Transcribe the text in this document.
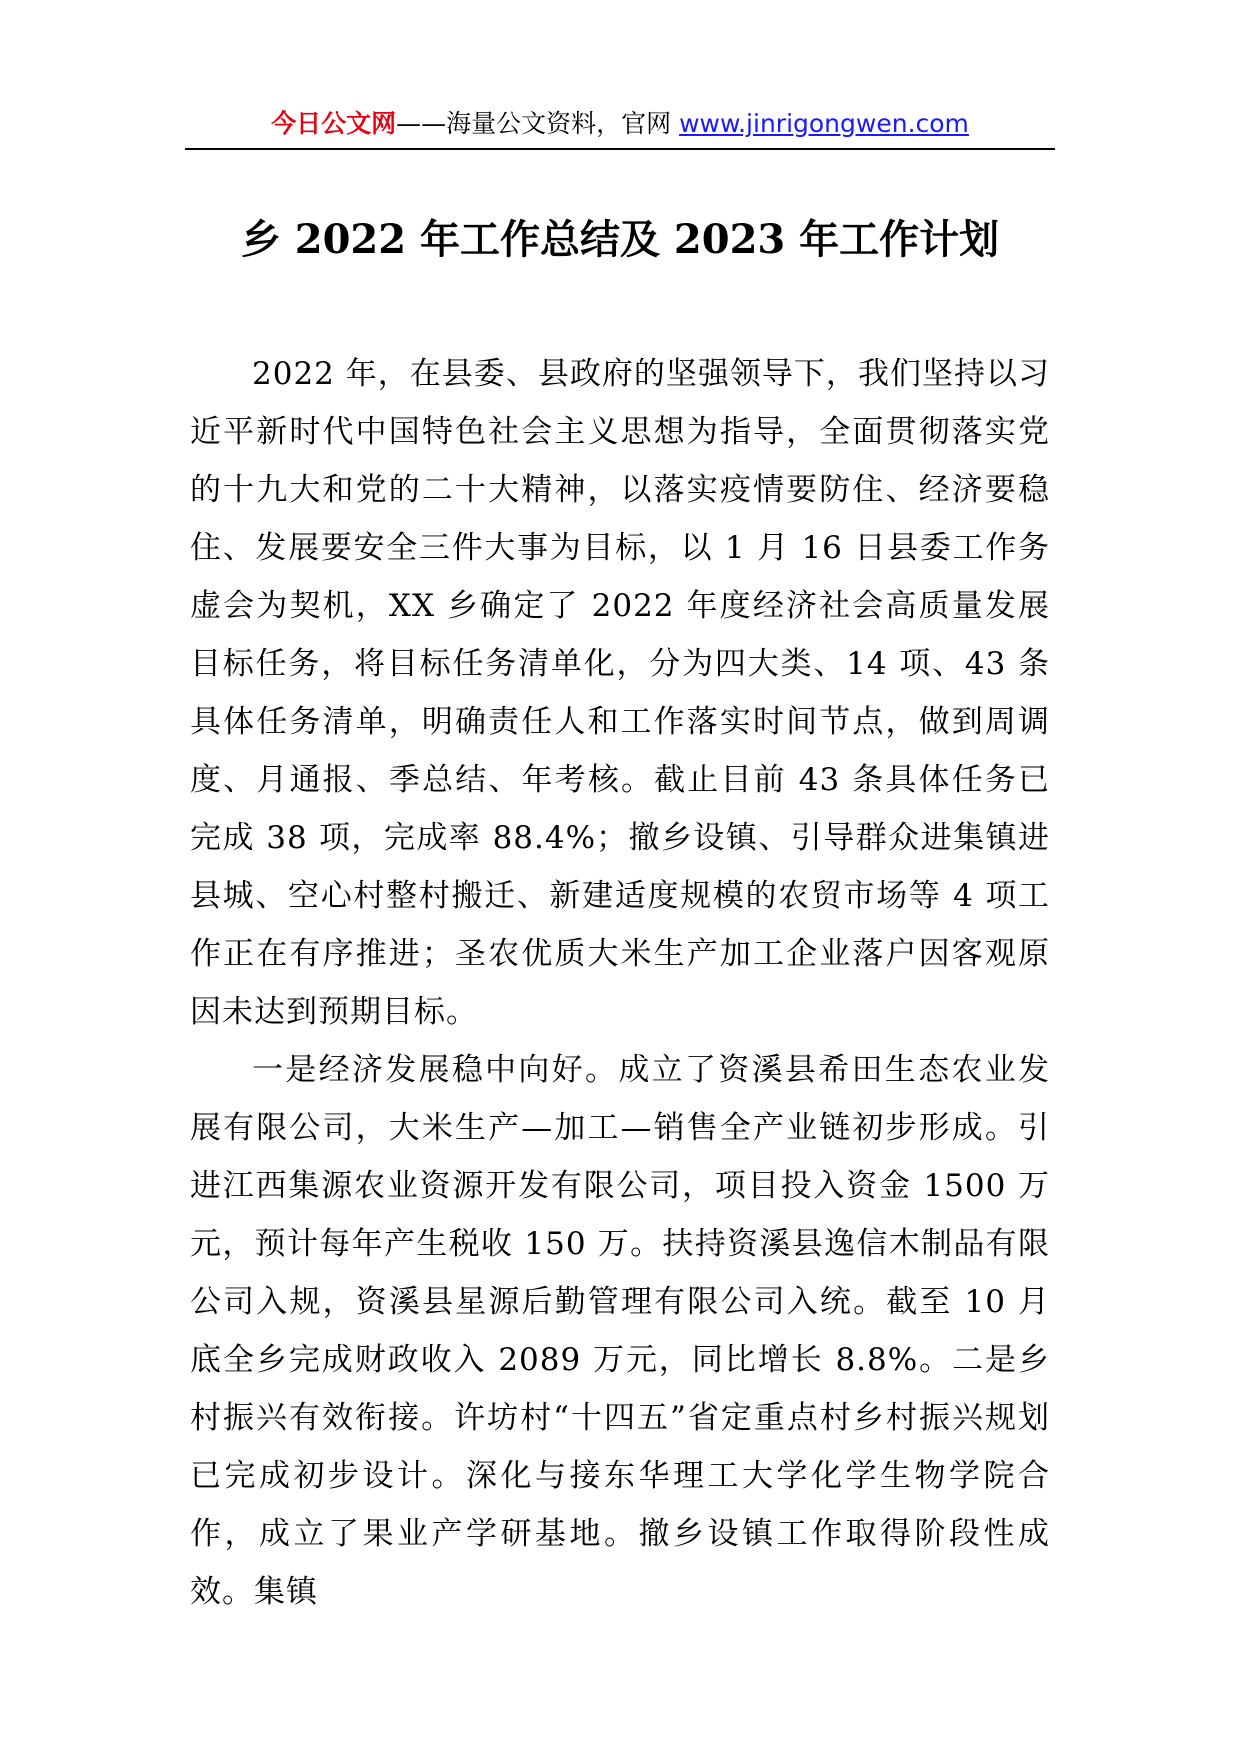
今日公文网——海量公文资料，官网 www.jinrigongwen.com
乡 2022 年工作总结及 2023 年工作计划

2022 年，在县委、县政府的坚强领导下，我们坚持以习近平新时代中国特色社会主义思想为指导，全面贯彻落实党的十九大和党的二十大精神，以落实疫情要防住、经济要稳住、发展要安全三件大事为目标，以 1 月 16 日县委工作务虚会为契机，XX 乡确定了 2022 年度经济社会高质量发展目标任务，将目标任务清单化，分为四大类、14 项、43 条具体任务清单，明确责任人和工作落实时间节点，做到周调度、月通报、季总结、年考核。截止目前 43 条具体任务已完成 38 项，完成率 88.4%；撤乡设镇、引导群众进集镇进县城、空心村整村搬迁、新建适度规模的农贸市场等 4 项工作正在有序推进；圣农优质大米生产加工企业落户因客观原因未达到预期目标。

一是经济发展稳中向好。成立了资溪县希田生态农业发展有限公司，大米生产—加工—销售全产业链初步形成。引进江西集源农业资源开发有限公司，项目投入资金 1500 万元，预计每年产生税收 150 万。扶持资溪县逸信木制品有限公司入规，资溪县星源后勤管理有限公司入统。截至 10 月底全乡完成财政收入 2089 万元，同比增长 8.8%。二是乡村振兴有效衔接。许坊村“十四五”省定重点村乡村振兴规划已完成初步设计。深化与接东华理工大学化学生物学院合作，成立了果业产学研基地。撤乡设镇工作取得阶段性成效。集镇
